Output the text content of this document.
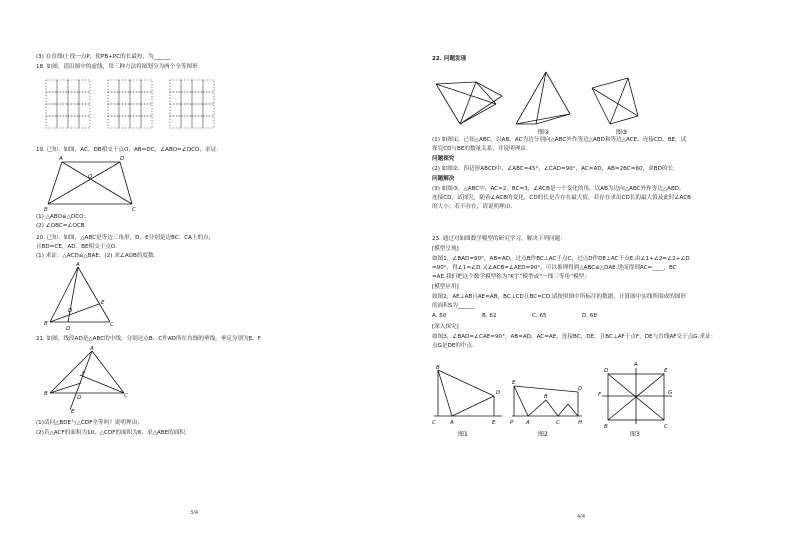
(3) 在直线l上找一点P，使PB+PC的长最短，为______
18. 如图，请沿图中的虚线，用三种方法将图划分为两个全等图形.
19. 已知：如图，AC、DB相交于点O，AB=DC，∠ABO=∠DCO，求证：
A	D
B	C
O
(1) △ABO≌△DCO；
(2) ∠OBC=∠OCB.
20. 已知：如图，△ABC是等边三角形，D、E分别是边BC、CA上的点，
且BD=CE，AD、BE相交于点O.
(1) 求证：△ACD≌△BAE；(2) 求∠AOB的度数.
A
B	C
D
E
O
21. 如图，线段AD是△ABC的中线，分别过点B、C作AD所在直线的垂线，垂足分别为E、F.
A
B	C
D
E
F
(1)请问△BDE与△CDF全等吗？说明理由；
(2)若△ACF的面积为10，△CDF的面积为6，求△ABE的面积.
3/4
22. 问题发现
图②	图③
(1) 如图①，已知△ABC，以AB、AC为边分别向△ABC外作等边△ABD和等边△ACE，连接CD、BE，试
探究CD与BE的数量关系，并说明理由.
问题探究
(2) 如图②，四边形ABCD中，∠ABC=45°，∠CAD=90°，AC=AD，AB=2BC=60，求BD的长.
问题解决
(3) 如图③，△ABC中，AC=2，BC=3，∠ACB是一个变化的角，以AB为边向△ABC外作等边△ABD，
连接CD，试探究，随着∠ACB的变化，CD的长是否存在最大值，若存在求出CD长的最大值及此时∠ACB
的大小；若不存在，请说明理由.
23. 通过对如图数学模型的研究学习，解决下列问题：
[模型呈现]
如图1，∠BAD=90°，AB=AD，过点B作BC⊥AC于点C，过点D作DE⊥AC于点E.由∠1+∠2=∠2+∠D
=90°，得∠1=∠D.又∠ACB=∠AED=90°，可以推理得到△ABC≌△DAE.进而得到AC=____，BC
=AE.我们把这个数学模型称为“K字”模型或“一线三等角”模型；
[模型应用]
如图2，AE⊥AB且AE=AB，BC⊥CD且BC=CD.请按照图中所标注的数据，计算图中实线所围成的图形
的面积S为______
A. 50	B. 62	C. 65	D. 68
[深入探究]
如图3，∠BAD=∠CAE=90°，AB=AD，AC=AE，连接BC，DE，且BC⊥AF于点F，DE与直线AF交于点G.求证：
点G是DE的中点.
B
C	A	E
D
图1
E
P A
B
C	H
D
图2
D
A
E
F	G
B	C
图3
4/4
